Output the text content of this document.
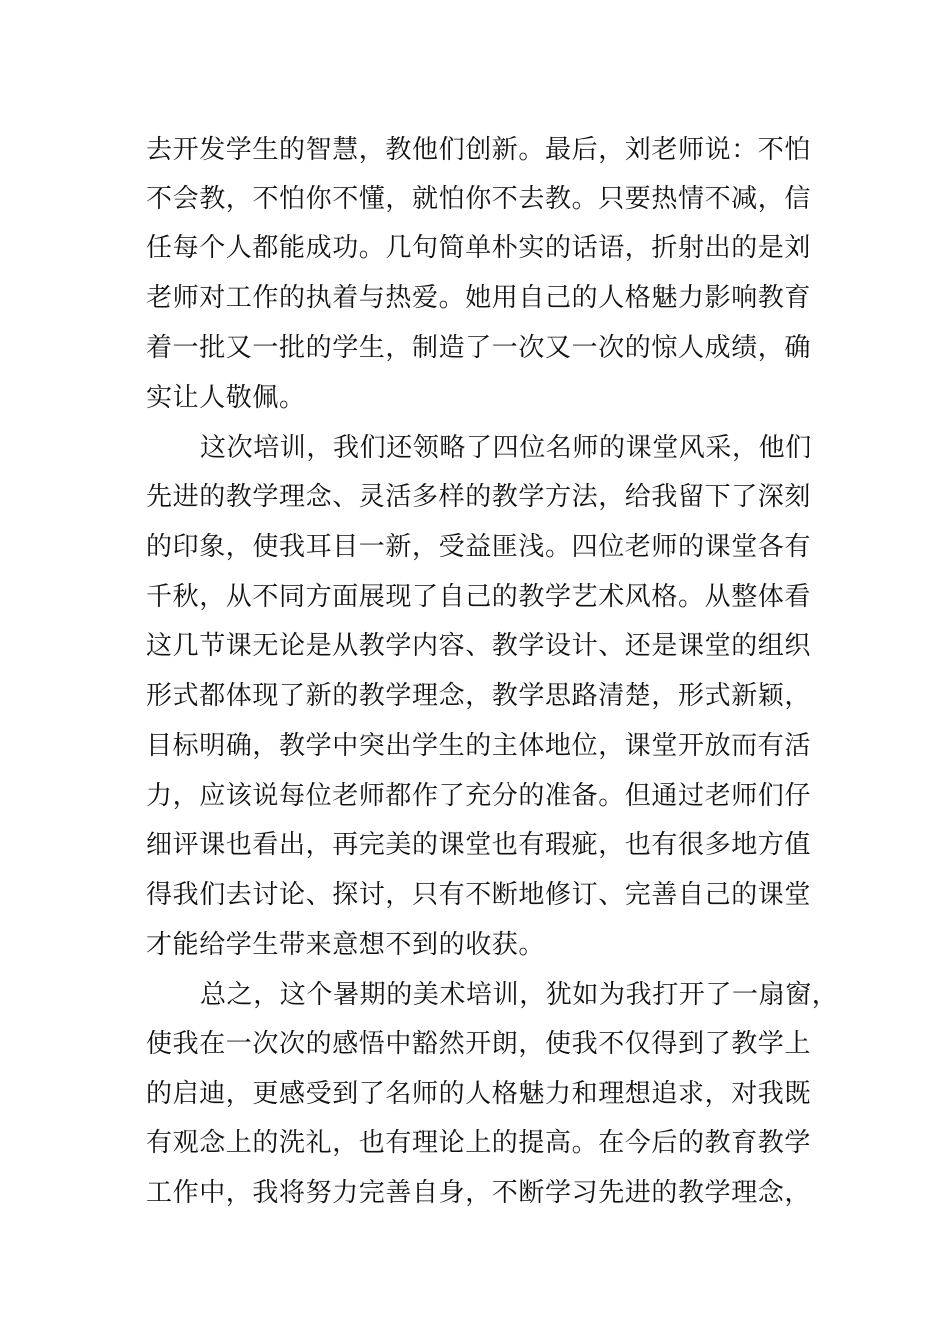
去开发学生的智慧，教他们创新。最后，刘老师说：不怕
不会教，不怕你不懂，就怕你不去教。只要热情不减，信
任每个人都能成功。几句简单朴实的话语，折射出的是刘
老师对工作的执着与热爱。她用自己的人格魅力影响教育
着一批又一批的学生，制造了一次又一次的惊人成绩，确
实让人敬佩。
这次培训，我们还领略了四位名师的课堂风采，他们
先进的教学理念、灵活多样的教学方法，给我留下了深刻
的印象，使我耳目一新，受益匪浅。四位老师的课堂各有
千秋，从不同方面展现了自己的教学艺术风格。从整体看
这几节课无论是从教学内容、教学设计、还是课堂的组织
形式都体现了新的教学理念，教学思路清楚，形式新颖，
目标明确，教学中突出学生的主体地位，课堂开放而有活
力，应该说每位老师都作了充分的准备。但通过老师们仔
细评课也看出，再完美的课堂也有瑕疵，也有很多地方值
得我们去讨论、探讨，只有不断地修订、完善自己的课堂
才能给学生带来意想不到的收获。
总之，这个暑期的美术培训，犹如为我打开了一扇窗，
使我在一次次的感悟中豁然开朗，使我不仅得到了教学上
的启迪，更感受到了名师的人格魅力和理想追求，对我既
有观念上的洗礼，也有理论上的提高。在今后的教育教学
工作中，我将努力完善自身，不断学习先进的教学理念，
